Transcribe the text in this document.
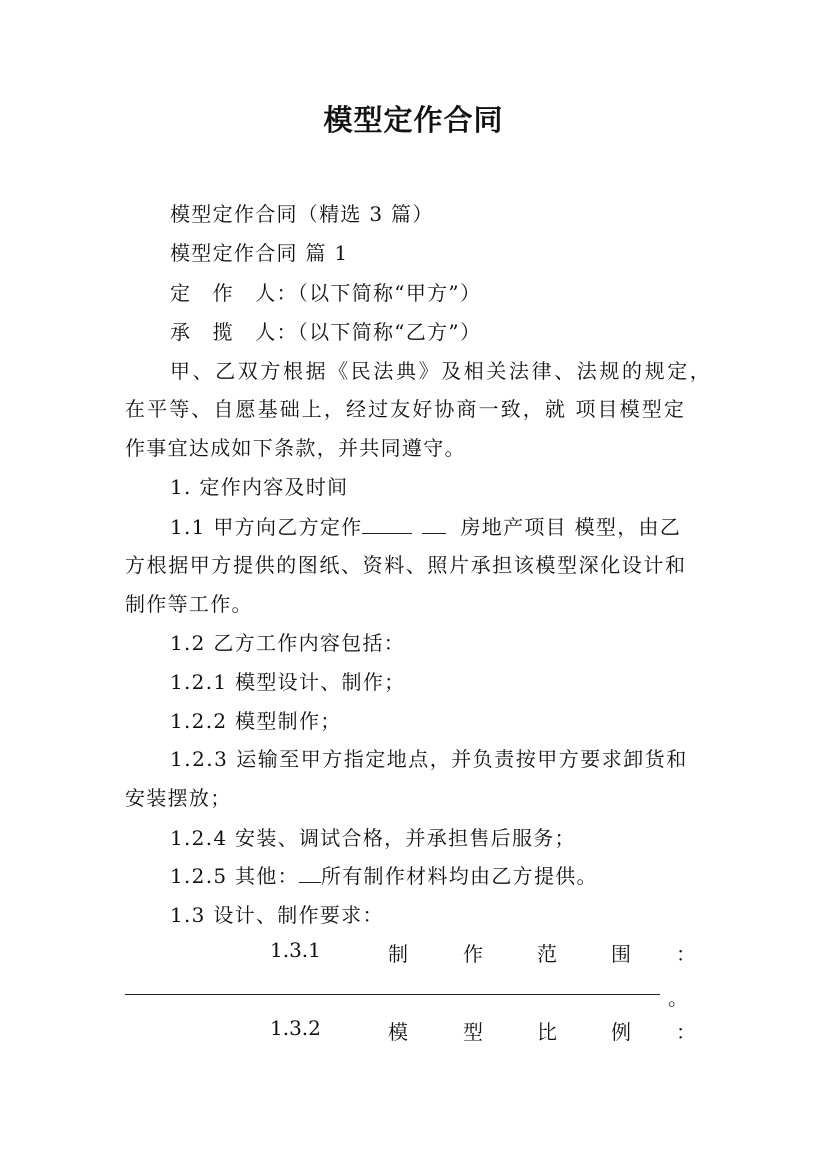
模型定作合同
模型定作合同（精选 3 篇）
模型定作合同 篇 1
定　作　人：（以下简称“甲方”）
承　揽　人：（以下简称“乙方”）
甲、乙双方根据《民法典》及相关法律、法规的规定，
在平等、自愿基础上，经过友好协商一致，就 项目模型定
作事宜达成如下条款，并共同遵守。
1. 定作内容及时间
1.1 甲方向乙方定作	房地产项目 模型，由乙
方根据甲方提供的图纸、资料、照片承担该模型深化设计和
制作等工作。
1.2 乙方工作内容包括：
1.2.1 模型设计、制作；
1.2.2 模型制作；
1.2.3 运输至甲方指定地点，并负责按甲方要求卸货和
安装摆放；
1.2.4 安装、调试合格，并承担售后服务；
1.2.5 其他： 所有制作材料均由乙方提供。
1.3 设计、制作要求：
1.3.1	制	作	范	围 ：
。
1.3.2	模	型	比	例 ：
